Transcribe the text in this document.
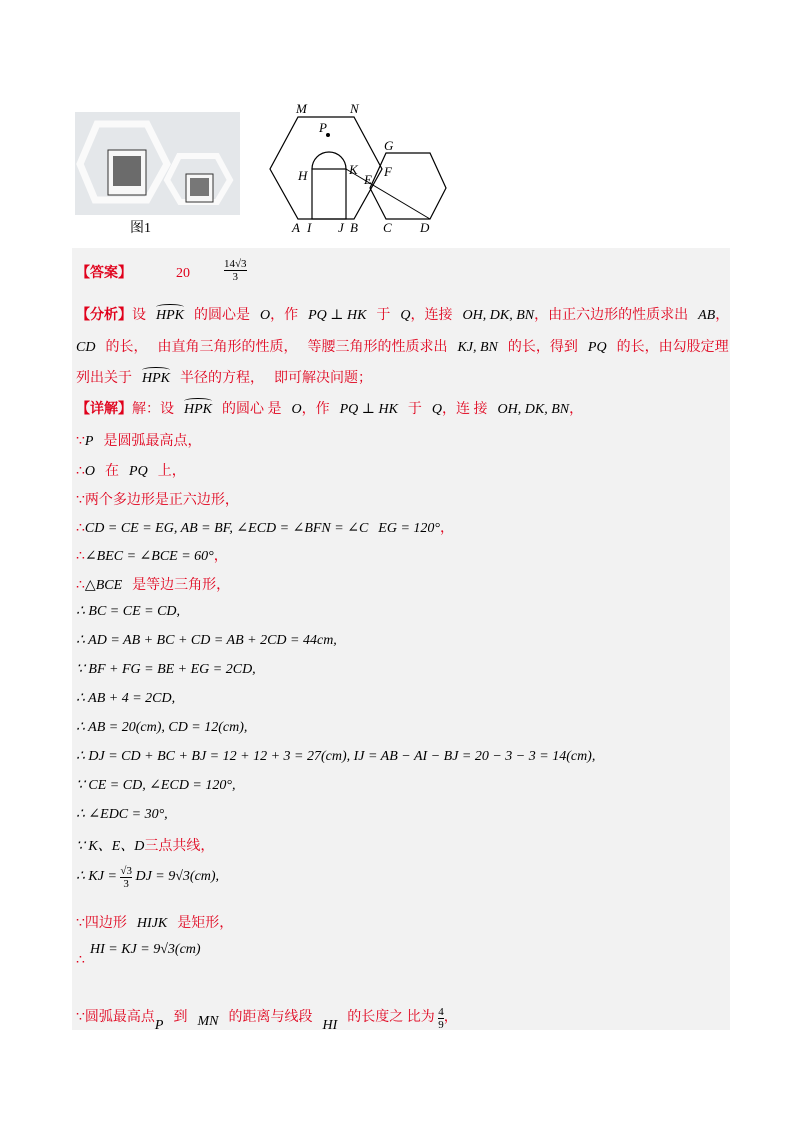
图1
M	N
P
G
H	K
E
F
A I J B C D
【答案】	20	$\frac{14√3}{3}$
【分析】 设 HPK 的圆心是 O ，作 PQ ⊥ HK 于 Q ，连接 OH, DK, BN ，由正六边形的性质求出 AB ，
CD 的长， 由直角三角形的性质， 等腰三角形的性质求出 KJ, BN 的长，得到 PQ 的长，由勾股定理
列出关于 HPK 半径的方程， 即可解决问题；
【详解】 解：设 HPK 的圆心 是 O ，作 PQ ⊥ HK 于 Q ，连 接 OH, DK, BN ，
∵ P 是圆弧最高点，
∴ O 在 PQ 上，
∵ 两个多边形是正六边形，
∴ CD = CE = EG, AB = BF, ∠ECD = ∠BFN = ∠C EG = 120° ，
∴ ∠BEC = ∠BCE = 60° ，
∴ △BCE 是等边三角形，
∴ BC = CE = CD,
∴ AD = AB + BC + CD = AB + 2CD = 44cm,
∵ BF + FG = BE + EG = 2CD,
∴ AB + 4 = 2CD,
∴ AB = 20(cm), CD = 12(cm),
∴ DJ = CD + BC + BJ = 12 + 12 + 3 = 27(cm), IJ = AB − AI − BJ = 20 − 3 − 3 = 14(cm),
∵ CE = CD, ∠ECD = 120°,
∴ ∠EDC = 30°,
∵ K、E、D 三点共线，
∴ KJ =
$\frac{√3}{3}$
DJ = 9√3(cm),
∵ 四边形 HIJK 是矩形，
HI = KJ = 9√3(cm)
∴
∵ 圆弧最高点
P
到 MN 的距离与线段
HI
的长度之 比为
$\frac{4}{9}$ ，
